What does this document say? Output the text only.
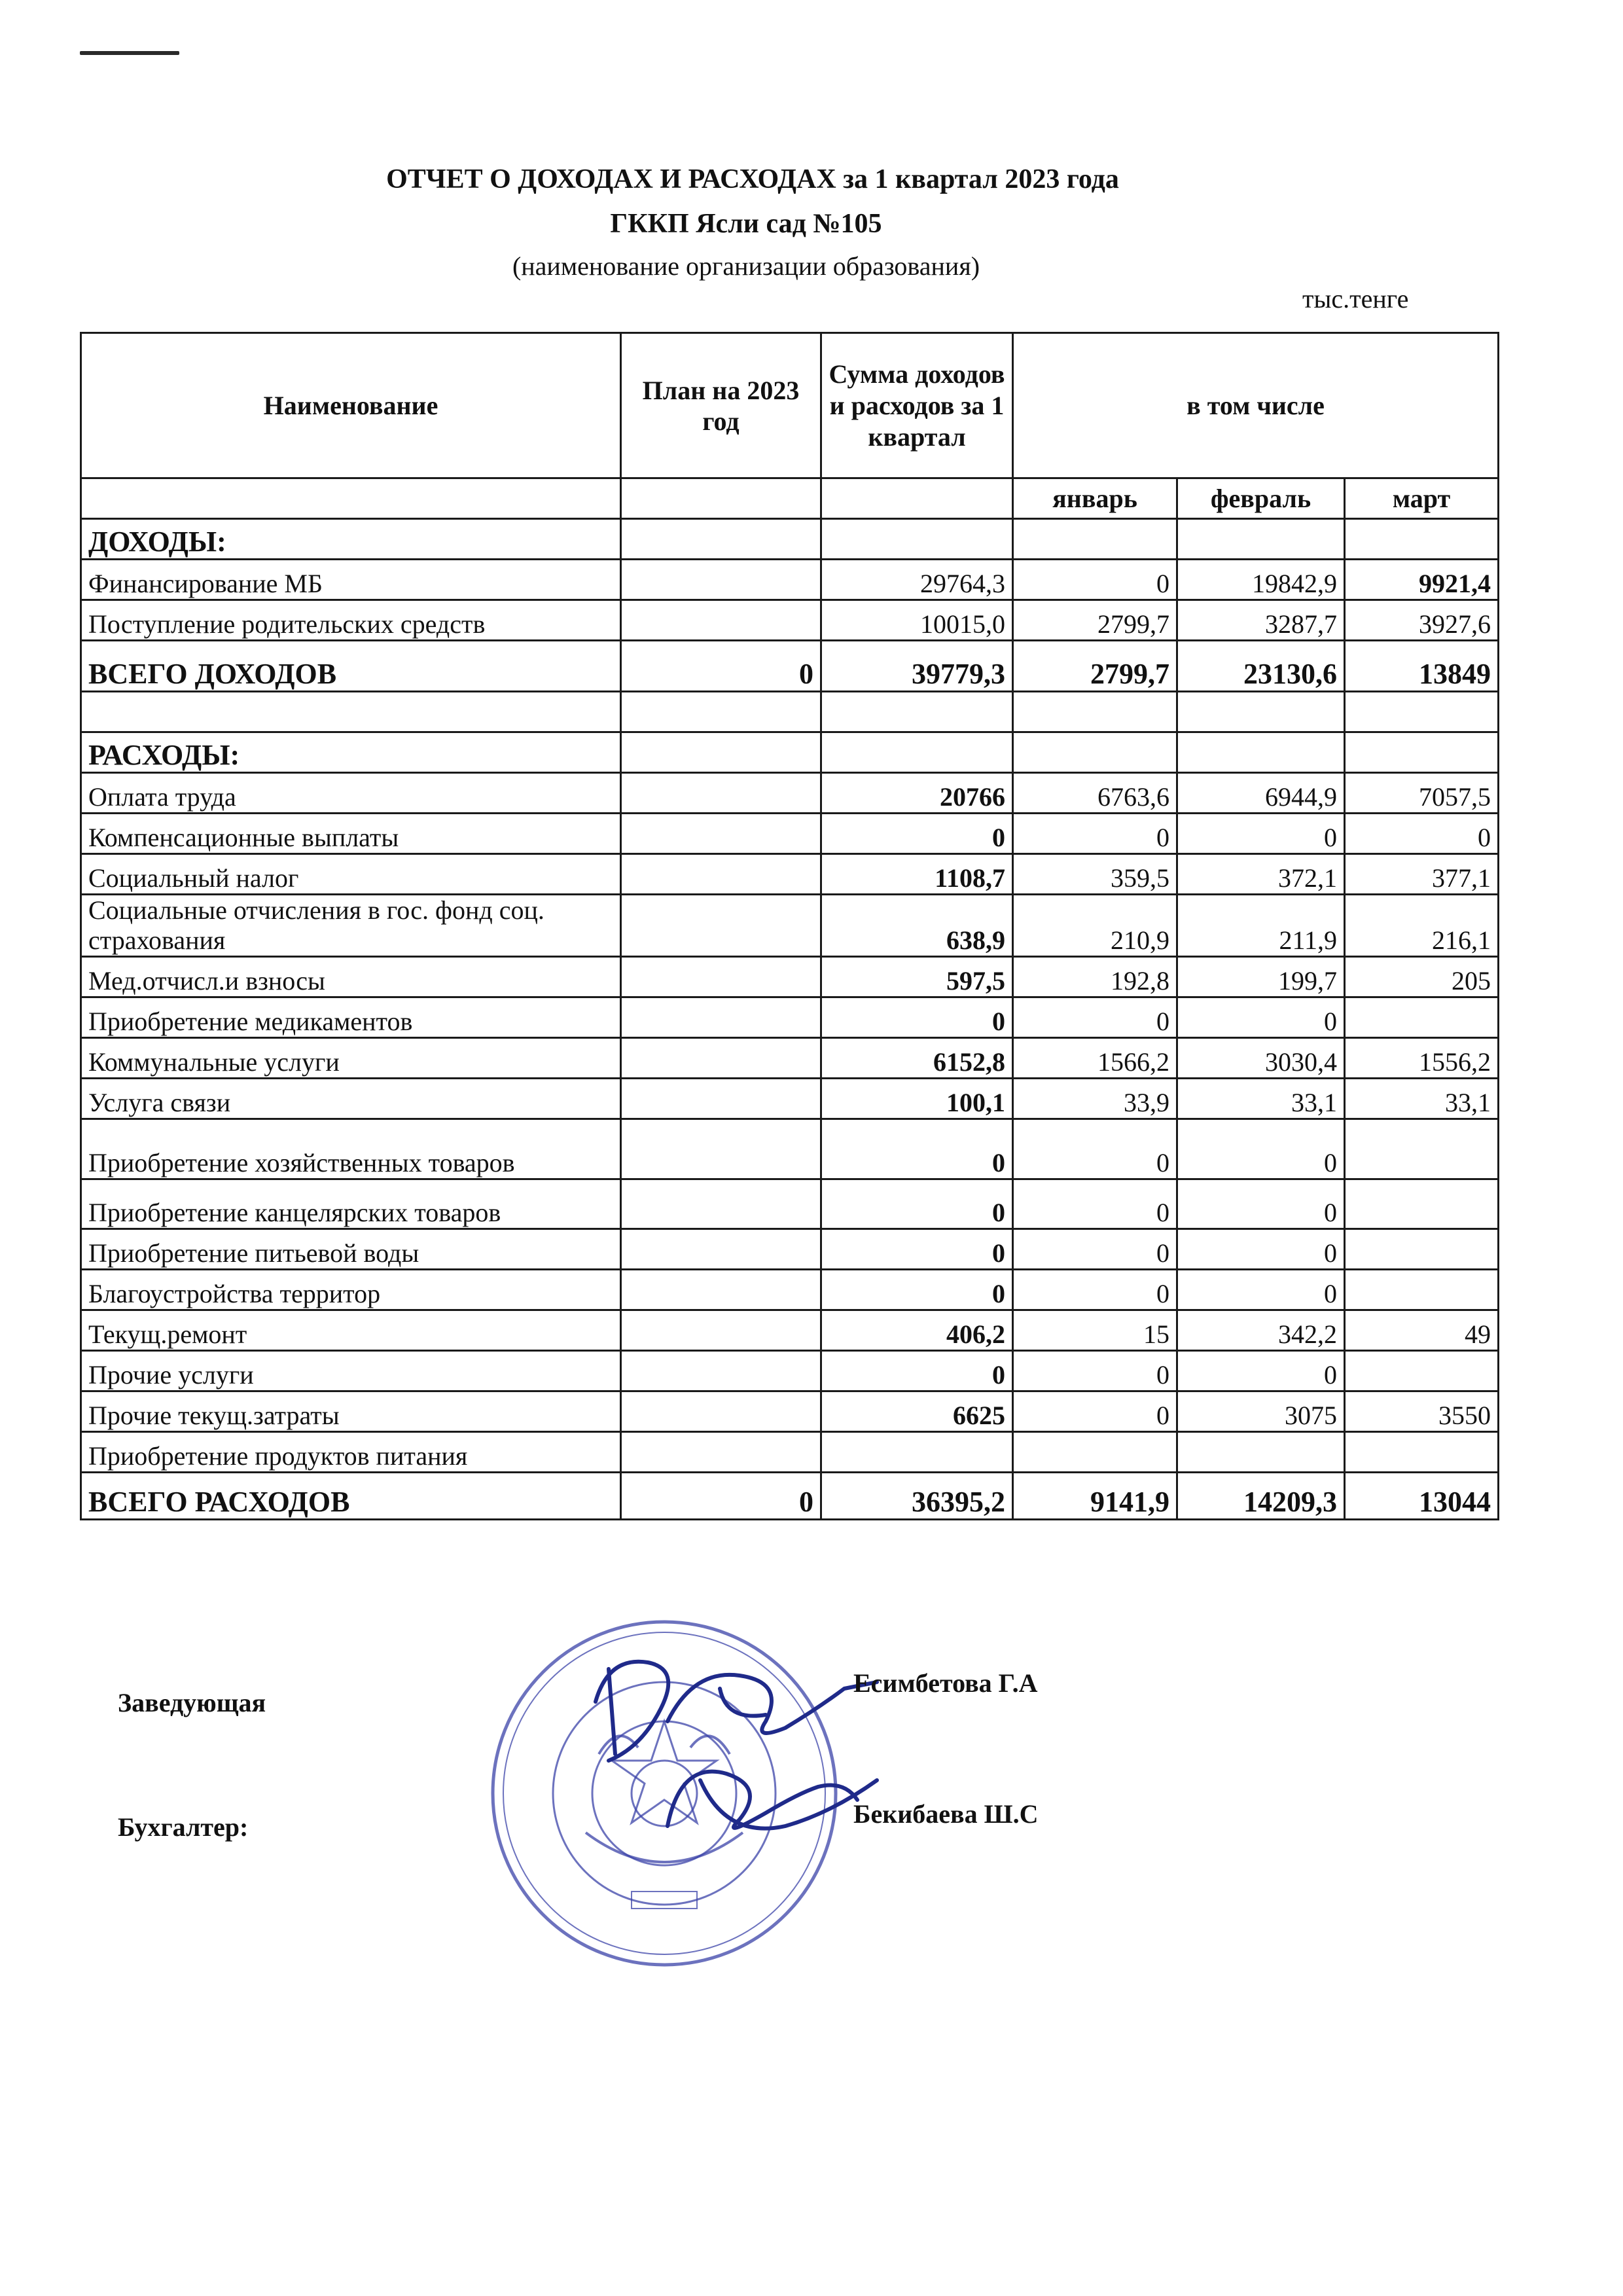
ОТЧЕТ О ДОХОДАХ И РАСХОДАХ за 1 квартал 2023 года
ГККП Ясли сад №105
(наименование организации образования)
тыс.тенге
Наименование	План на 2023 год	Сумма доходов и расходов за 1 квартал	в том числе		

			январь	февраль	март
ДОХОДЫ:					
Финансирование МБ		29764,3	0	19842,9	9921,4
Поступление родительских средств		10015,0	2799,7	3287,7	3927,6
ВСЕГО ДОХОДОВ	0	39779,3	2799,7	23130,6	13849

РАСХОДЫ:					
Оплата труда		20766	6763,6	6944,9	7057,5
Компенсационные выплаты		0	0	0	0
Социальный налог		1108,7	359,5	372,1	377,1
Социальные отчисления в гос. фонд соц. страхования		638,9	210,9	211,9	216,1
Мед.отчисл.и взносы		597,5	192,8	199,7	205
Приобретение медикаментов		0	0	0	
Коммунальные услуги		6152,8	1566,2	3030,4	1556,2
Услуга связи		100,1	33,9	33,1	33,1
Приобретение хозяйственных товаров		0	0	0	
Приобретение канцелярских товаров		0	0	0	
Приобретение питьевой воды		0	0	0	
Благоустройства территор		0	0	0	
Текущ.ремонт		406,2	15	342,2	49
Прочие услуги		0	0	0	
Прочие текущ.затраты		6625	0	3075	3550
Приобретение продуктов питания					
ВСЕГО РАСХОДОВ	0	36395,2	9141,9	14209,3	13044
Заведующая
Есимбетова Г.А
Бухгалтер:	Бекибаева Ш.С
